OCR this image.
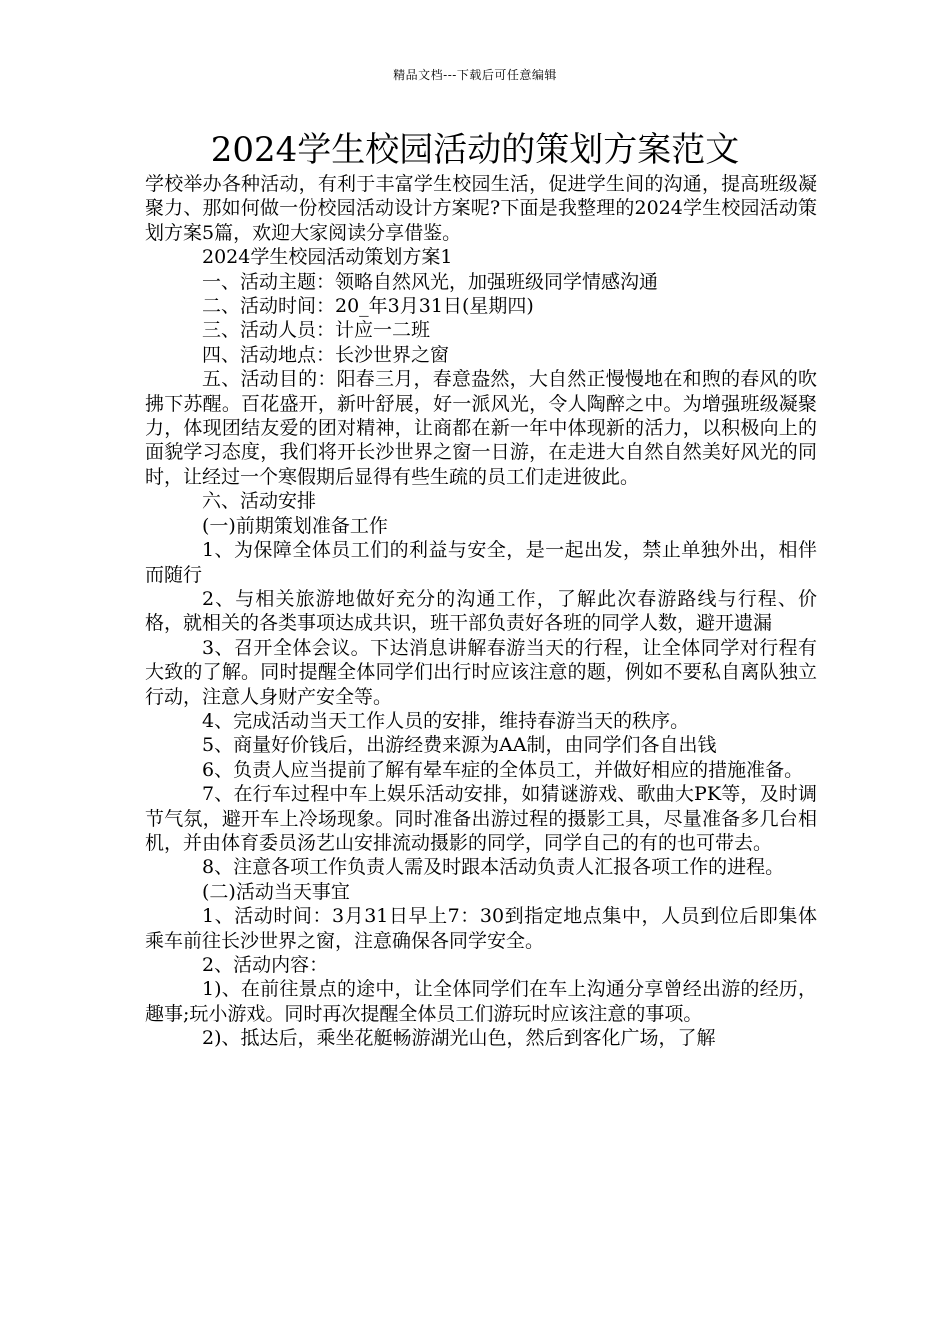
精品文档---下载后可任意编辑
2024学生校园活动的策划方案范文

学校举办各种活动，有利于丰富学生校园生活，促进学生间的沟通，提高班级凝聚力、那如何做一份校园活动设计方案呢?下面是我整理的2024学生校园活动策划方案5篇，欢迎大家阅读分享借鉴。

2024学生校园活动策划方案1

一、活动主题：领略自然风光，加强班级同学情感沟通

二、活动时间：20_年3月31日(星期四)

三、活动人员：计应一二班

四、活动地点：长沙世界之窗

五、活动目的：阳春三月，春意盎然，大自然正慢慢地在和煦的春风的吹拂下苏醒。百花盛开，新叶舒展，好一派风光，令人陶醉之中。为增强班级凝聚力，体现团结友爱的团对精神，让商都在新一年中体现新的活力，以积极向上的面貌学习态度，我们将开长沙世界之窗一日游，在走进大自然自然美好风光的同时，让经过一个寒假期后显得有些生疏的员工们走进彼此。

六、活动安排

(一)前期策划准备工作

1、为保障全体员工们的利益与安全，是一起出发，禁止单独外出，相伴而随行

2、与相关旅游地做好充分的沟通工作，了解此次春游路线与行程、价格，就相关的各类事项达成共识，班干部负责好各班的同学人数，避开遗漏

3、召开全体会议。下达消息讲解春游当天的行程，让全体同学对行程有大致的了解。同时提醒全体同学们出行时应该注意的题，例如不要私自离队独立行动，注意人身财产安全等。

4、完成活动当天工作人员的安排，维持春游当天的秩序。

5、商量好价钱后，出游经费来源为AA制，由同学们各自出钱

6、负责人应当提前了解有晕车症的全体员工，并做好相应的措施准备。

7、在行车过程中车上娱乐活动安排，如猜谜游戏、歌曲大PK等，及时调节气氛，避开车上冷场现象。同时准备出游过程的摄影工具，尽量准备多几台相机，并由体育委员汤艺山安排流动摄影的同学，同学自己的有的也可带去。

8、注意各项工作负责人需及时跟本活动负责人汇报各项工作的进程。

(二)活动当天事宜

1、活动时间：3月31日早上7：30到指定地点集中，人员到位后即集体乘车前往长沙世界之窗，注意确保各同学安全。

2、活动内容：

1)、在前往景点的途中，让全体同学们在车上沟通分享曾经出游的经历，趣事;玩小游戏。同时再次提醒全体员工们游玩时应该注意的事项。

2)、抵达后，乘坐花艇畅游湖光山色，然后到客化广场，了解
